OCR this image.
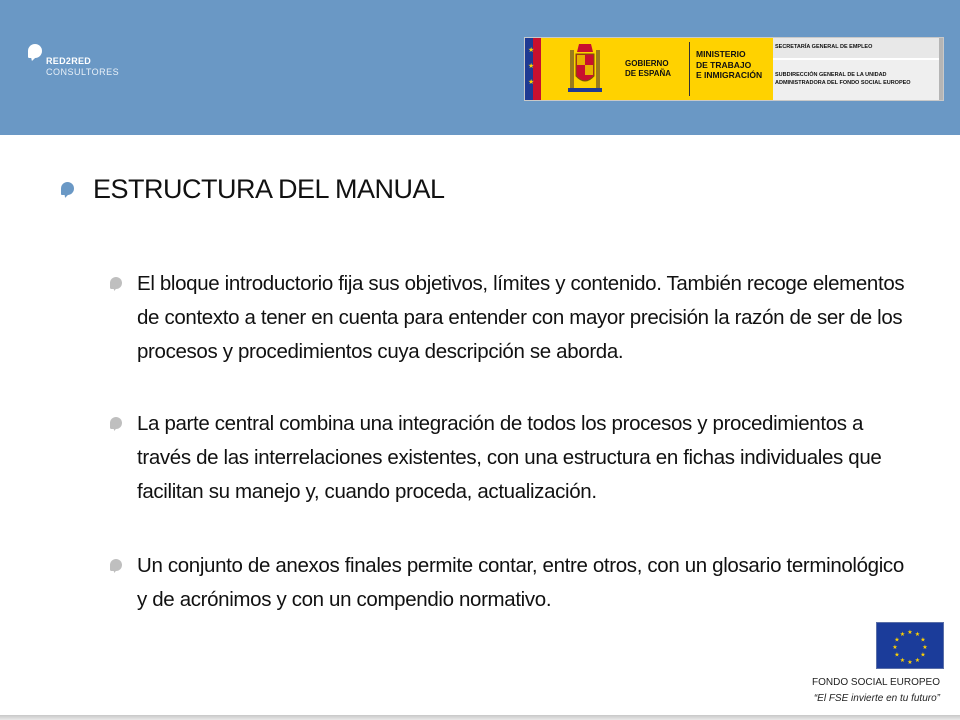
RED2RED
CONSULTORES
★
★
★
GOBIERNO
DE ESPAÑA
MINISTERIO
DE TRABAJO
E INMIGRACIÓN
SECRETARÍA GENERAL DE EMPLEO
SUBDIRECCIÓN GENERAL DE LA UNIDAD
ADMINISTRADORA DEL FONDO SOCIAL EUROPEO
ESTRUCTURA DEL MANUAL

El bloque introductorio fija sus objetivos, límites y contenido. También recoge elementos de contexto a tener en cuenta para entender con mayor precisión la razón de ser de los procesos y procedimientos cuya descripción se aborda.

La parte central combina una integración de todos los procesos y procedimientos a través de las interrelaciones existentes, con una estructura en fichas individuales que facilitan su manejo y, cuando proceda, actualización.

Un conjunto de anexos finales permite contar, entre otros, con un glosario terminológico y de acrónimos y con un compendio normativo.

★ ★
★
★
★
★
★
★
★
★
★
★
FONDO SOCIAL EUROPEO
“El FSE invierte en tu futuro”
